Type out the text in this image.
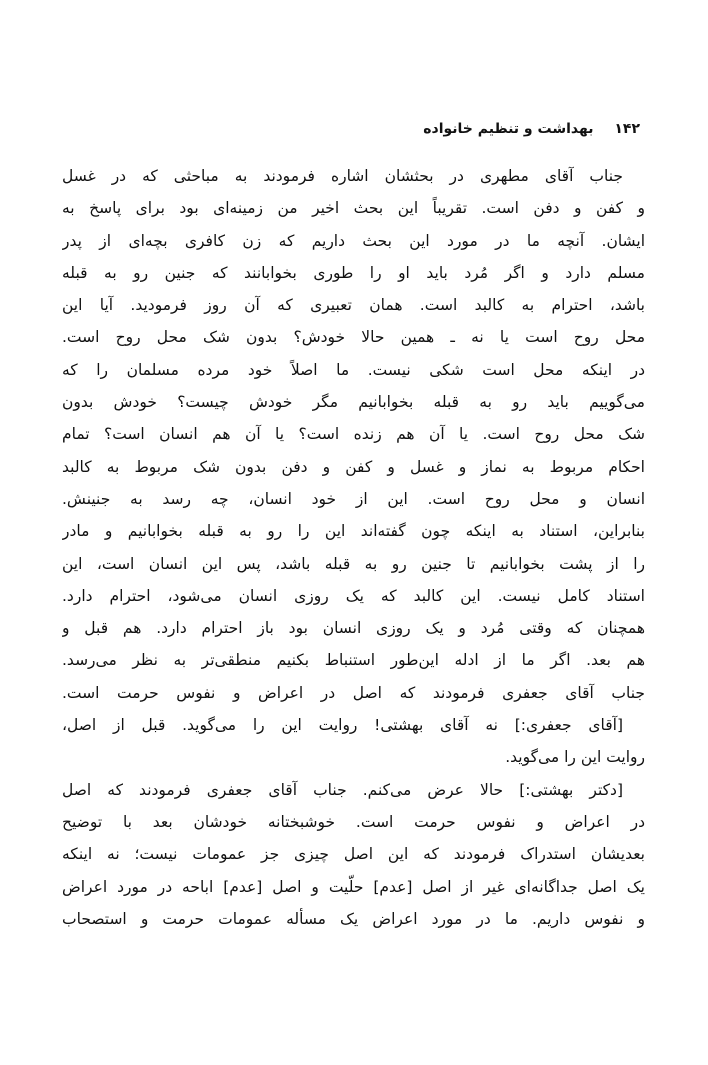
۱۴۲ بهداشت و تنظیم خانواده
جناب آقای مطهری در بحثشان اشاره فرمودند به مباحثی که در غسل
و کفن و دفن است. تقریباً این بحث اخیر من زمینه‌ای بود برای پاسخ به
ایشان. آنچه ما در مورد این بحث داریم که زن کافری بچه‌ای از پدر
مسلم دارد و اگر مُرد باید او را طوری بخوابانند که جنین رو به قبله
باشد، احترام به کالبد است. همان تعبیری که آن روز فرمودید. آیا این
محل روح است یا نه ـ همین حالا خودش؟ بدون شک محل روح است.
در اینکه محل است شکی نیست. ما اصلاً خود مرده مسلمان را که
می‌گوییم باید رو به قبله بخوابانیم مگر خودش چیست؟ خودش بدون
شک محل روح است. یا آن هم زنده است؟ یا آن هم انسان است؟ تمام
احکام مربوط به نماز و غسل و کفن و دفن بدون شک مربوط به کالبد
انسان و محل روح است. این از خود انسان، چه رسد به جنینش.
بنابراین، استناد به اینکه چون گفته‌اند این را رو به قبله بخوابانیم و مادر
را از پشت بخوابانیم تا جنین رو به قبله باشد، پس این انسان است، این
استناد کامل نیست. این کالبد که یک روزی انسان می‌شود، احترام دارد.
همچنان که وقتی مُرد و یک روزی انسان بود باز احترام دارد. هم قبل و
هم بعد. اگر ما از ادله این‌طور استنباط بکنیم منطقی‌تر به نظر می‌رسد.
جناب آقای جعفری فرمودند که اصل در اعراض و نفوس حرمت است.
[آقای جعفری:] نه آقای بهشتی! روایت این را می‌گوید. قبل از اصل،
روایت این را می‌گوید.
[دکتر بهشتی:] حالا عرض می‌کنم. جناب آقای جعفری فرمودند که اصل
در اعراض و نفوس حرمت است. خوشبختانه خودشان بعد با توضیح
بعدیشان استدراک فرمودند که این اصل چیزی جز عمومات نیست؛ نه اینکه
یک اصل جداگانه‌ای غیر از اصل [عدم] حلّیت و اصل [عدم] اباحه در مورد اعراض
و نفوس داریم. ما در مورد اعراض یک مسأله عمومات حرمت و استصحاب
